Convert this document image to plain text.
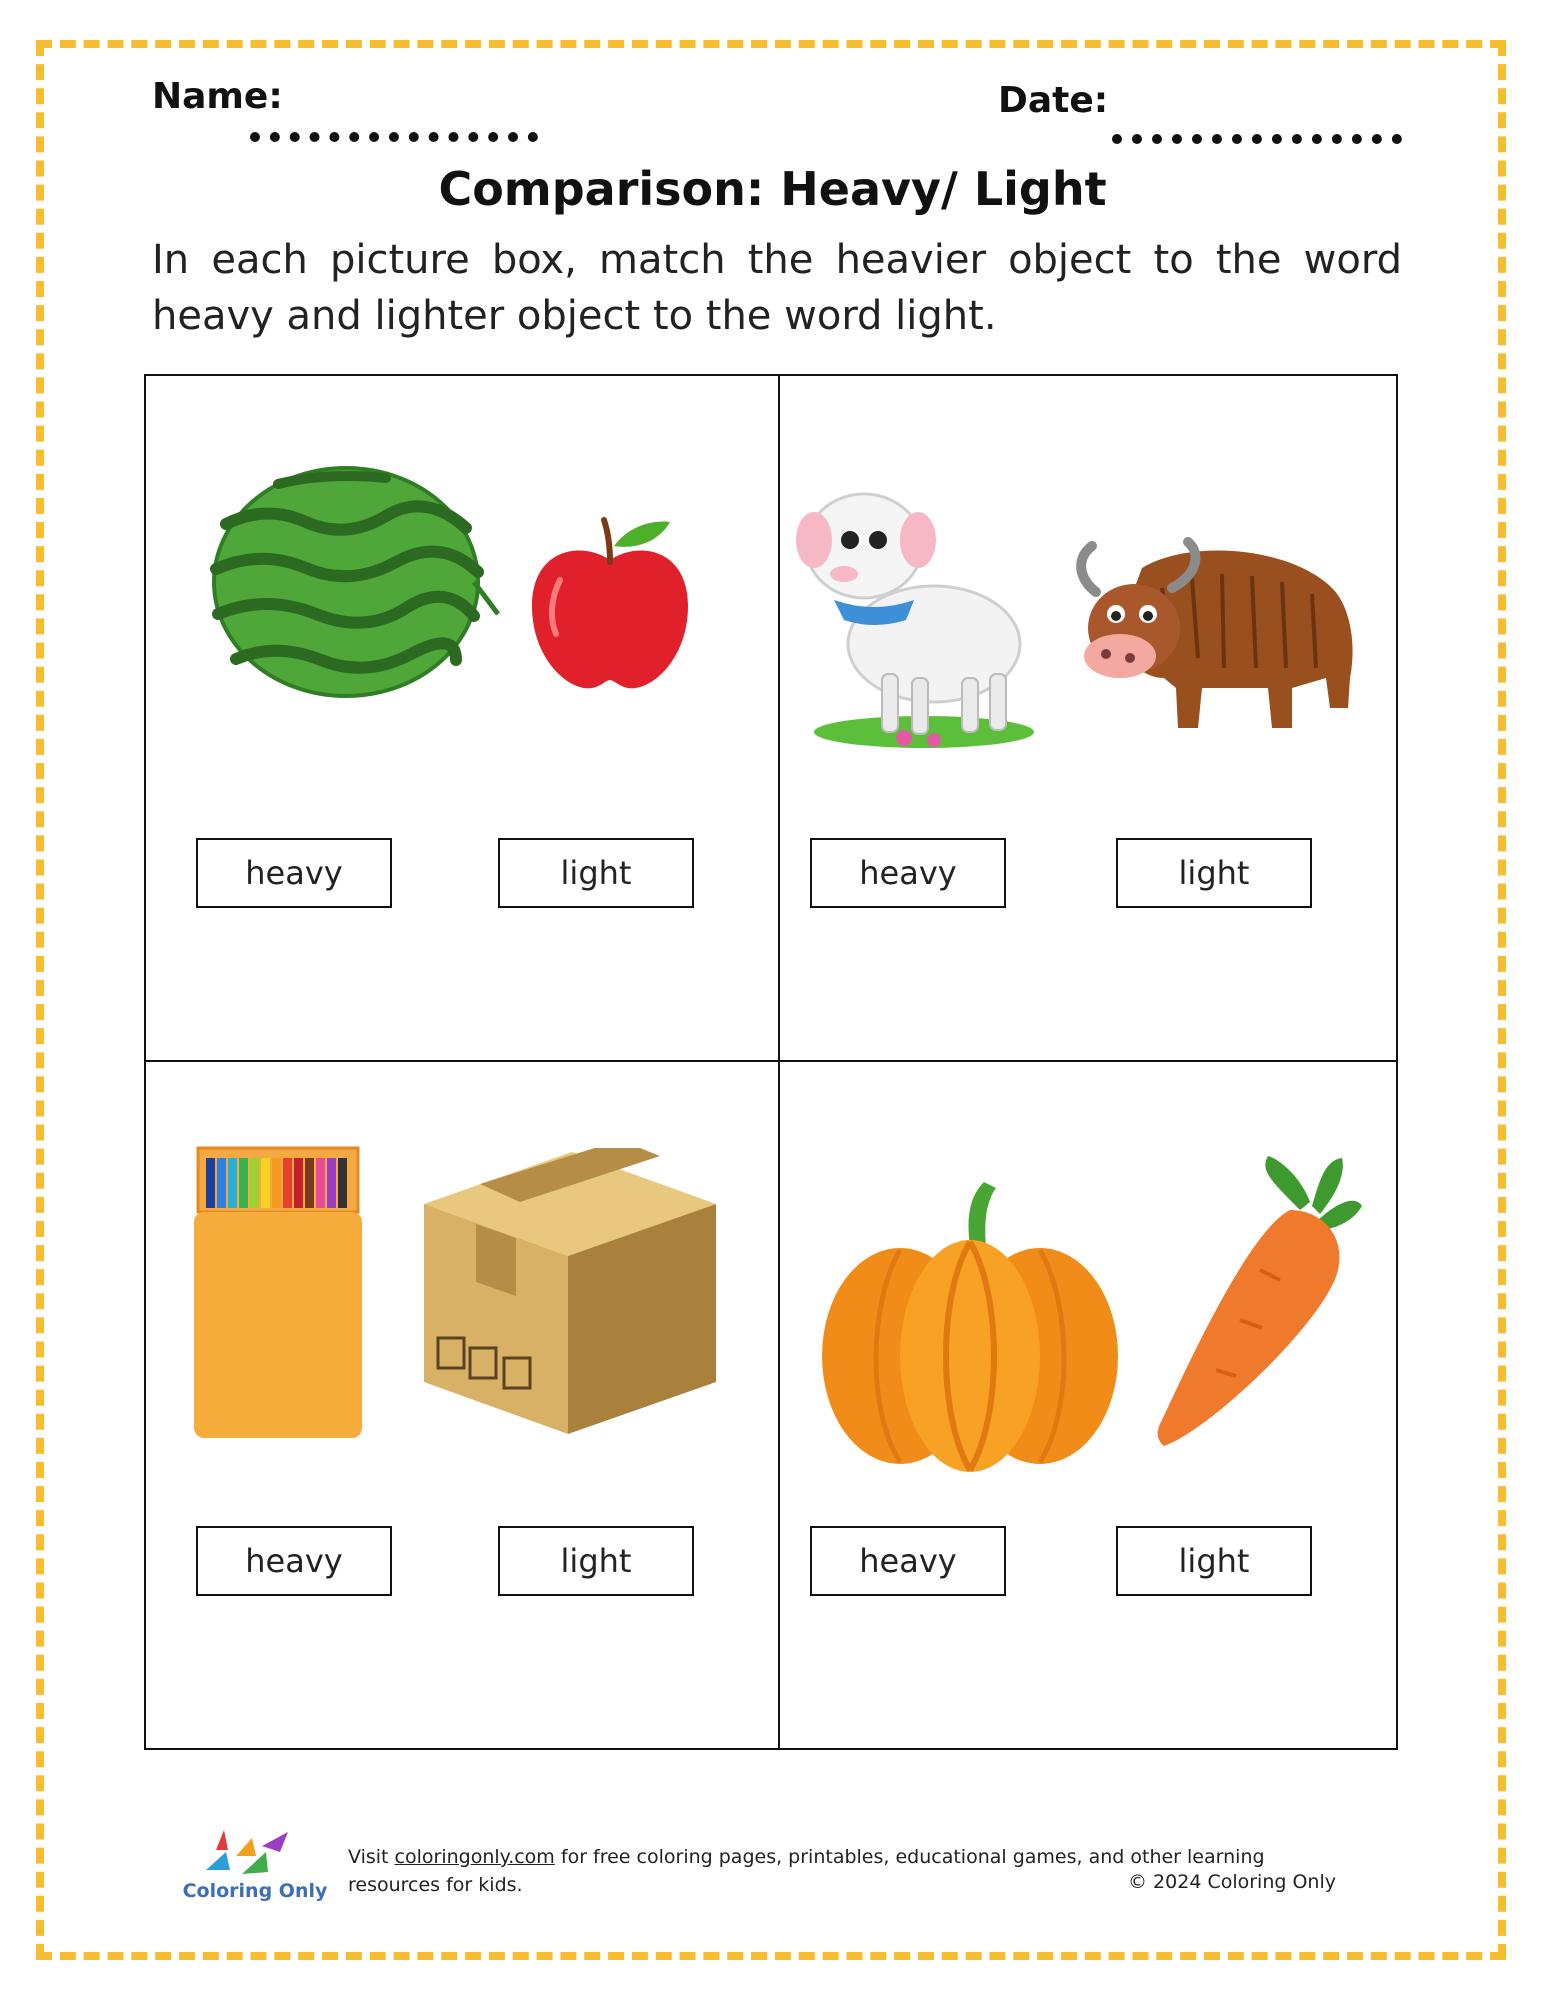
Name:	Date:
Comparison: Heavy/ Light
In each picture box, match the heavier object to the word heavy and lighter object to the word light.
heavy	light	heavy	light
heavy	light	heavy	light
Coloring Only
Visit coloringonly.com for free coloring pages, printables, educational games, and other learning resources for kids.	© 2024 Coloring Only
